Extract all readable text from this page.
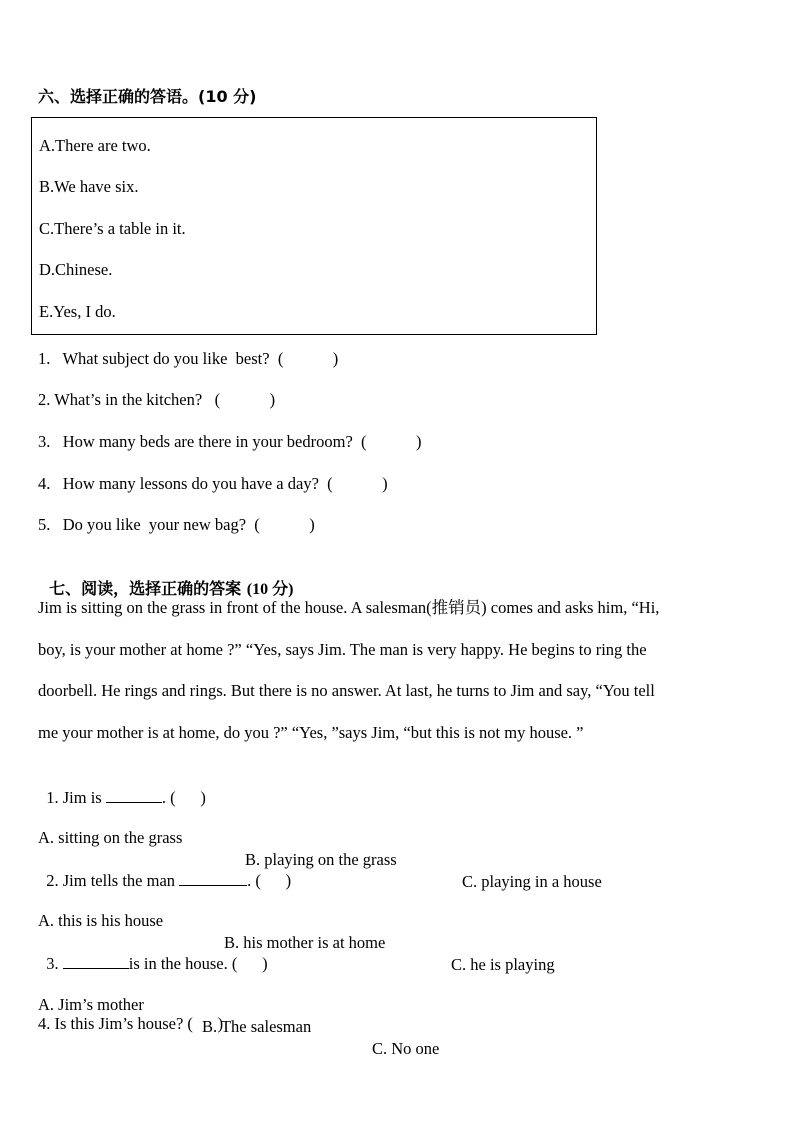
六、选择正确的答语。(10 分)
A.There are two.
B.We have six.
C.There’s a table in it.
D.Chinese.
E.Yes, I do.
1.   What subject do you like  best?  (            )
2. What’s in the kitchen?   (            )
3.   How many beds are there in your bedroom?  (            )
4.   How many lessons do you have a day?  (            )
5.   Do you like  your new bag?  (            )

七、阅读，选择正确的答案 (10 分)

Jim is sitting on the grass in front of the house. A salesman(推销员) comes and asks him, “Hi,
boy, is your mother at home ?” “Yes, says Jim. The man is very happy. He begins to ring the
doorbell. He rings and rings. But there is no answer. At last, he turns to Jim and say, “You tell
me your mother is at home, do you ?” “Yes, ”says Jim, “but this is not my house. ”

1. Jim is	. (      )

A. sitting on the grass

B. playing on the grass

C. playing in a house

2. Jim tells the man	. (      )

A. this is his house

B. his mother is at home

C. he is playing

3.	is in the house. (      )

A. Jim’s mother

B. The salesman

C. No one

4. Is this Jim’s house? (      )
